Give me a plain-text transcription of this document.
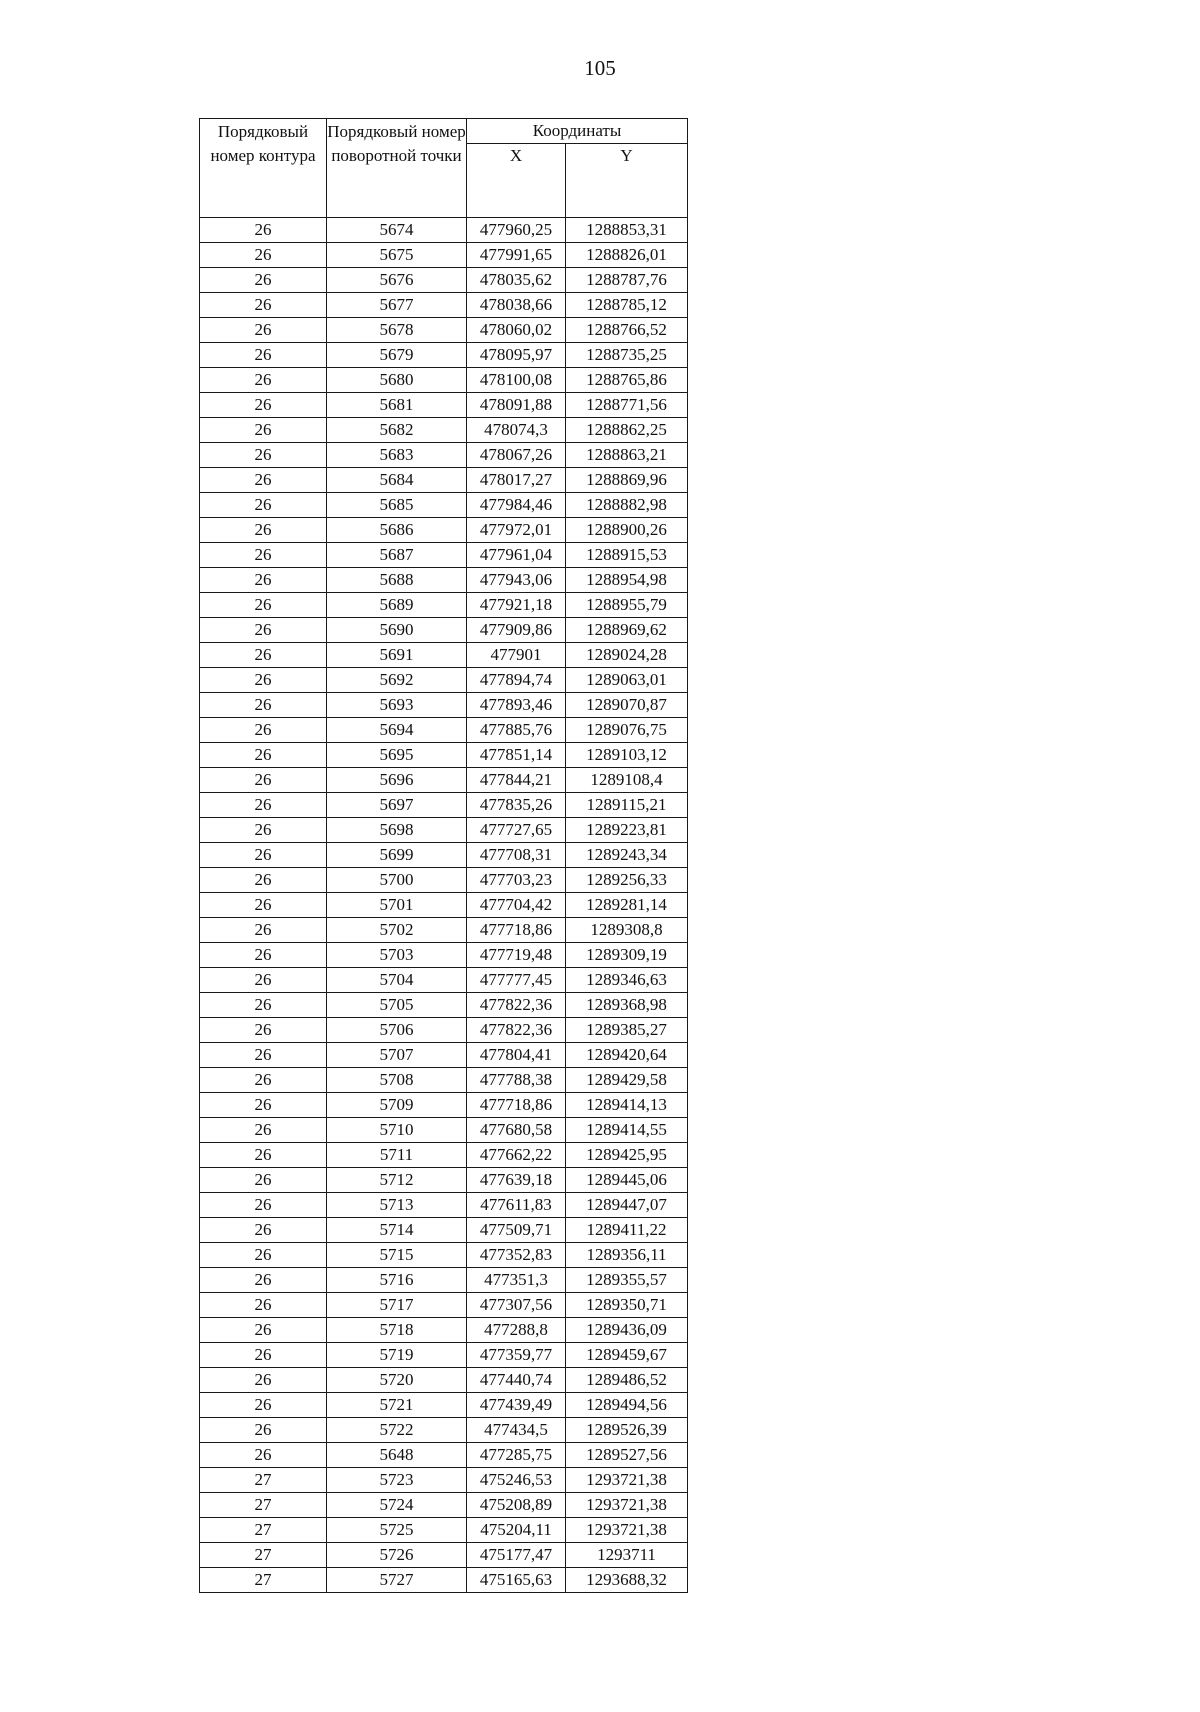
105
Порядковый номер контура	Порядковый номер поворотной точки	Координаты	
		X	Y
26	5674	477960,25	1288853,31
26	5675	477991,65	1288826,01
26	5676	478035,62	1288787,76
26	5677	478038,66	1288785,12
26	5678	478060,02	1288766,52
26	5679	478095,97	1288735,25
26	5680	478100,08	1288765,86
26	5681	478091,88	1288771,56
26	5682	478074,3	1288862,25
26	5683	478067,26	1288863,21
26	5684	478017,27	1288869,96
26	5685	477984,46	1288882,98
26	5686	477972,01	1288900,26
26	5687	477961,04	1288915,53
26	5688	477943,06	1288954,98
26	5689	477921,18	1288955,79
26	5690	477909,86	1288969,62
26	5691	477901	1289024,28
26	5692	477894,74	1289063,01
26	5693	477893,46	1289070,87
26	5694	477885,76	1289076,75
26	5695	477851,14	1289103,12
26	5696	477844,21	1289108,4
26	5697	477835,26	1289115,21
26	5698	477727,65	1289223,81
26	5699	477708,31	1289243,34
26	5700	477703,23	1289256,33
26	5701	477704,42	1289281,14
26	5702	477718,86	1289308,8
26	5703	477719,48	1289309,19
26	5704	477777,45	1289346,63
26	5705	477822,36	1289368,98
26	5706	477822,36	1289385,27
26	5707	477804,41	1289420,64
26	5708	477788,38	1289429,58
26	5709	477718,86	1289414,13
26	5710	477680,58	1289414,55
26	5711	477662,22	1289425,95
26	5712	477639,18	1289445,06
26	5713	477611,83	1289447,07
26	5714	477509,71	1289411,22
26	5715	477352,83	1289356,11
26	5716	477351,3	1289355,57
26	5717	477307,56	1289350,71
26	5718	477288,8	1289436,09
26	5719	477359,77	1289459,67
26	5720	477440,74	1289486,52
26	5721	477439,49	1289494,56
26	5722	477434,5	1289526,39
26	5648	477285,75	1289527,56
27	5723	475246,53	1293721,38
27	5724	475208,89	1293721,38
27	5725	475204,11	1293721,38
27	5726	475177,47	1293711
27	5727	475165,63	1293688,32
